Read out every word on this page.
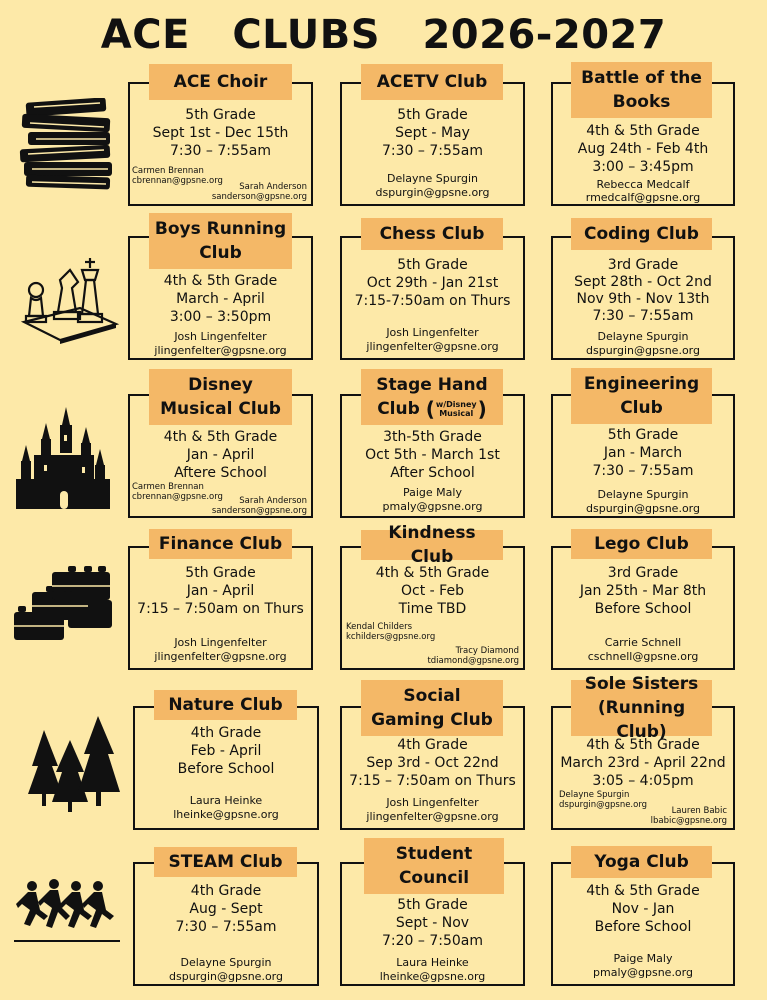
ACE CLUBS 2026-2027
5th Grade
Sept 1st - Dec 15th
7:30 – 7:55am
Carmen Brennan
cbrennan@gpsne.org
Sarah Anderson
sanderson@gpsne.org
ACE Choir
5th Grade
Sept - May
7:30 – 7:55am
Delayne Spurgin
dspurgin@gpsne.org
ACETV Club
4th & 5th Grade
Aug 24th - Feb 4th
3:00 – 3:45pm
Rebecca Medcalf
rmedcalf@gpsne.org
Battle of the Books
4th & 5th Grade
March - April
3:00 – 3:50pm
Josh Lingenfelter
jlingenfelter@gpsne.org
Boys Running Club
5th Grade
Oct 29th - Jan 21st
7:15-7:50am on Thurs
Josh Lingenfelter
jlingenfelter@gpsne.org
Chess Club
3rd Grade
Sept 28th - Oct 2nd
Nov 9th - Nov 13th
7:30 – 7:55am
Delayne Spurgin
dspurgin@gpsne.org
Coding Club
4th & 5th Grade
Jan - April
Aftere School
Carmen Brennan
cbrennan@gpsne.org Sarah Anderson
sanderson@gpsne.org
Disney Musical Club
3th-5th Grade
Oct 5th - March 1st
After School
Paige Maly
pmaly@gpsne.org
Stage Hand
Club (w/Disney
Musical )
5th Grade
Jan - March
7:30 – 7:55am
Delayne Spurgin
dspurgin@gpsne.org
Engineering Club
5th Grade
Jan - April
7:15 – 7:50am on Thurs
Josh Lingenfelter
jlingenfelter@gpsne.org
Finance Club
4th & 5th Grade
Oct - Feb
Time TBD
Kendal Childers
kchilders@gpsne.org
Tracy Diamond
tdiamond@gpsne.org
Kindness Club
3rd Grade
Jan 25th - Mar 8th
Before School
Carrie Schnell
cschnell@gpsne.org
Lego Club
4th Grade
Feb - April
Before School
Laura Heinke
lheinke@gpsne.org
Nature Club
4th Grade
Sep 3rd - Oct 22nd
7:15 – 7:50am on Thurs
Josh Lingenfelter
jlingenfelter@gpsne.org
Social Gaming Club
4th & 5th Grade
March 23rd - April 22nd
3:05 – 4:05pm
Delayne Spurgin
dspurgin@gpsne.org
Lauren Babic
lbabic@gpsne.org
Sole Sisters
(Running Club)
4th Grade
Aug - Sept
7:30 – 7:55am
Delayne Spurgin
dspurgin@gpsne.org
STEAM Club
5th Grade
Sept - Nov
7:20 – 7:50am
Laura Heinke
lheinke@gpsne.org
Student Council
4th & 5th Grade
Nov - Jan
Before School
Paige Maly
pmaly@gpsne.org
Yoga Club
